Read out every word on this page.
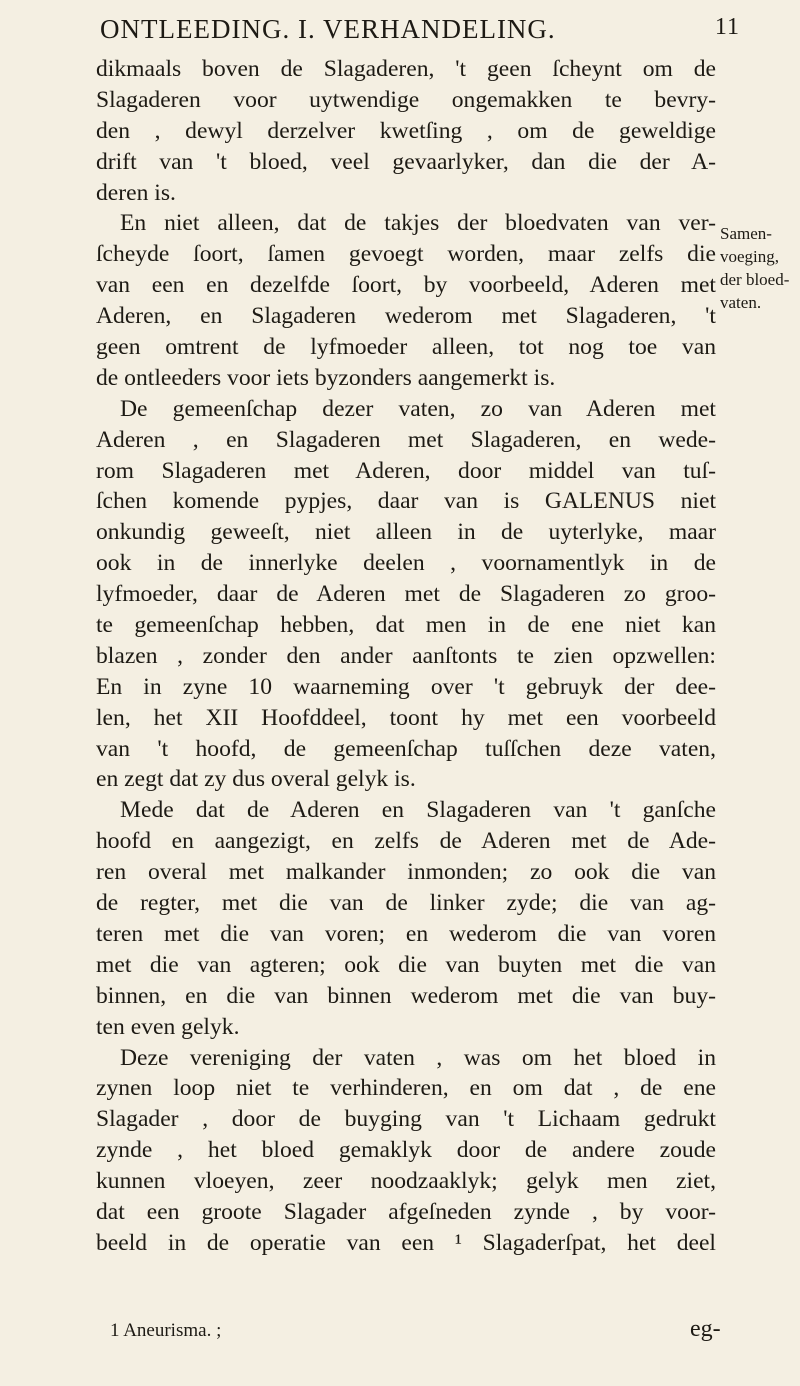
ONTLEEDING. I. VERHANDELING.	11
dikmaals boven de Slagaderen, 't geen ſcheynt om de
Slagaderen voor uytwendige ongemakken te bevry-
den , dewyl derzelver kwetſing , om de geweldige
drift van 't bloed, veel gevaarlyker, dan die der A-
deren is.
En niet alleen, dat de takjes der bloedvaten van ver-
ſcheyde ſoort, ſamen gevoegt worden, maar zelfs die
van een en dezelfde ſoort, by voorbeeld, Aderen met
Aderen, en Slagaderen wederom met Slagaderen, 't
geen omtrent de lyfmoeder alleen, tot nog toe van
de ontleeders voor iets byzonders aangemerkt is.
De gemeenſchap dezer vaten, zo van Aderen met
Aderen , en Slagaderen met Slagaderen, en wede-
rom Slagaderen met Aderen, door middel van tuſ-
ſchen komende pypjes, daar van is GALENUS niet
onkundig geweeſt, niet alleen in de uyterlyke, maar
ook in de innerlyke deelen , voornamentlyk in de
lyfmoeder, daar de Aderen met de Slagaderen zo groo-
te gemeenſchap hebben, dat men in de ene niet kan
blazen , zonder den ander aanſtonts te zien opzwellen:
En in zyne 10 waarneming over 't gebruyk der dee-
len, het XII Hoofddeel, toont hy met een voorbeeld
van 't hoofd, de gemeenſchap tuſſchen deze vaten,
en zegt dat zy dus overal gelyk is.
Mede dat de Aderen en Slagaderen van 't ganſche
hoofd en aangezigt, en zelfs de Aderen met de Ade-
ren overal met malkander inmonden; zo ook die van
de regter, met die van de linker zyde; die van ag-
teren met die van voren; en wederom die van voren
met die van agteren; ook die van buyten met die van
binnen, en die van binnen wederom met die van buy-
ten even gelyk.
Deze vereniging der vaten , was om het bloed in
zynen loop niet te verhinderen, en om dat , de ene
Slagader , door de buyging van 't Lichaam gedrukt
zynde , het bloed gemaklyk door de andere zoude
kunnen vloeyen, zeer noodzaaklyk; gelyk men ziet,
dat een groote Slagader afgeſneden zynde , by voor-
beeld in de operatie van een ¹ Slagaderſpat, het deel
Samen-
voeging,
der bloed-
vaten.
1 Aneurisma. ;	eg-
